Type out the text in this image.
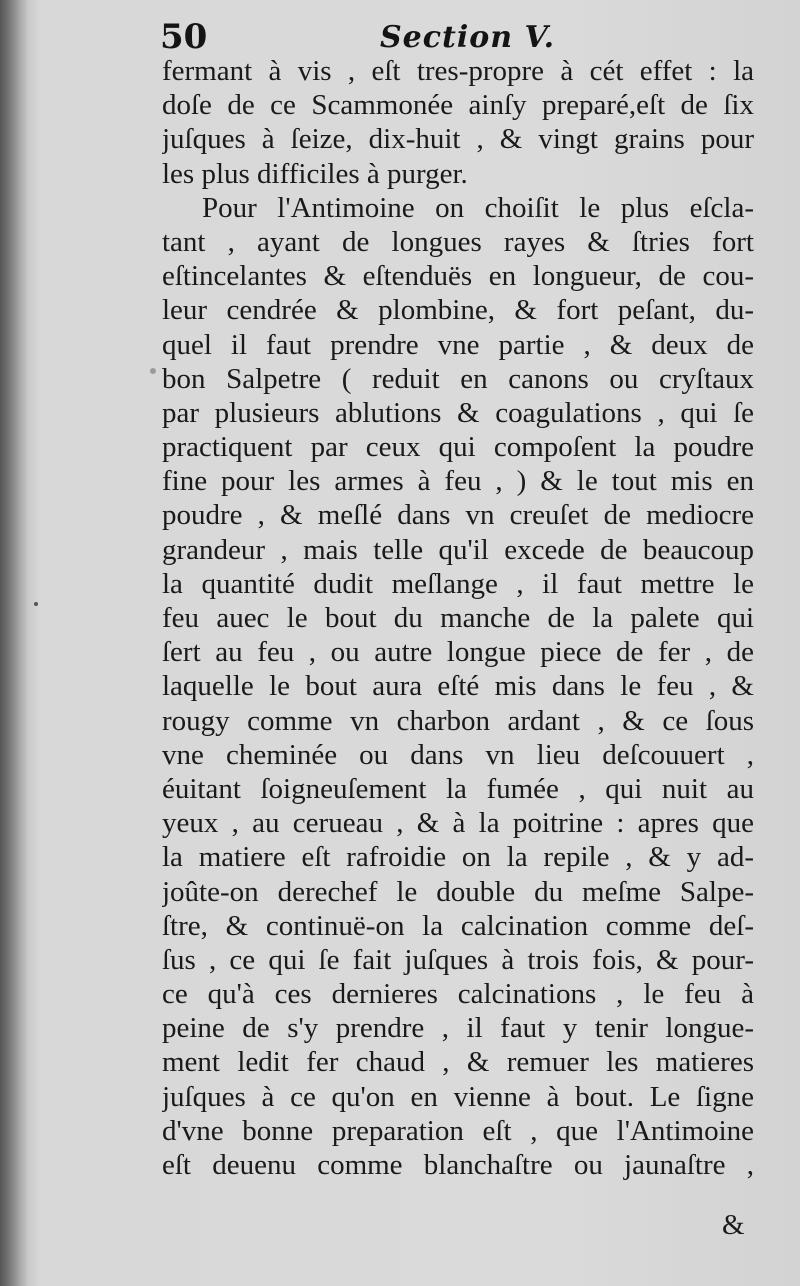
50	Section V.
fermant à vis , eſt tres-propre à cét effet : la
doſe de ce Scammonée ainſy preparé,eſt de ſix
juſques à ſeize, dix-huit , & vingt grains pour
les plus difficiles à purger.
Pour l'Antimoine on choiſit le plus eſcla-
tant , ayant de longues rayes & ſtries fort
eſtincelantes & eſtenduës en longueur, de cou-
leur cendrée & plombine, & fort peſant, du-
quel il faut prendre vne partie , & deux de
bon Salpetre ( reduit en canons ou cryſtaux
par plusieurs ablutions & coagulations , qui ſe
practiquent par ceux qui compoſent la poudre
fine pour les armes à feu , ) & le tout mis en
poudre , & meſlé dans vn creuſet de mediocre
grandeur , mais telle qu'il excede de beaucoup
la quantité dudit meſlange , il faut mettre le
feu auec le bout du manche de la palete qui
ſert au feu , ou autre longue piece de fer , de
laquelle le bout aura eſté mis dans le feu , &
rougy comme vn charbon ardant , & ce ſous
vne cheminée ou dans vn lieu deſcouuert ,
éuitant ſoigneuſement la fumée , qui nuit au
yeux , au cerueau , & à la poitrine : apres que
la matiere eſt rafroidie on la repile , & y ad-
joûte-on derechef le double du meſme Salpe-
ſtre, & continuë-on la calcination comme deſ-
ſus , ce qui ſe fait juſques à trois fois, & pour-
ce qu'à ces dernieres calcinations , le feu à
peine de s'y prendre , il faut y tenir longue-
ment ledit fer chaud , & remuer les matieres
juſques à ce qu'on en vienne à bout. Le ſigne
d'vne bonne preparation eſt , que l'Antimoine
eſt deuenu comme blanchaſtre ou jaunaſtre ,
&
